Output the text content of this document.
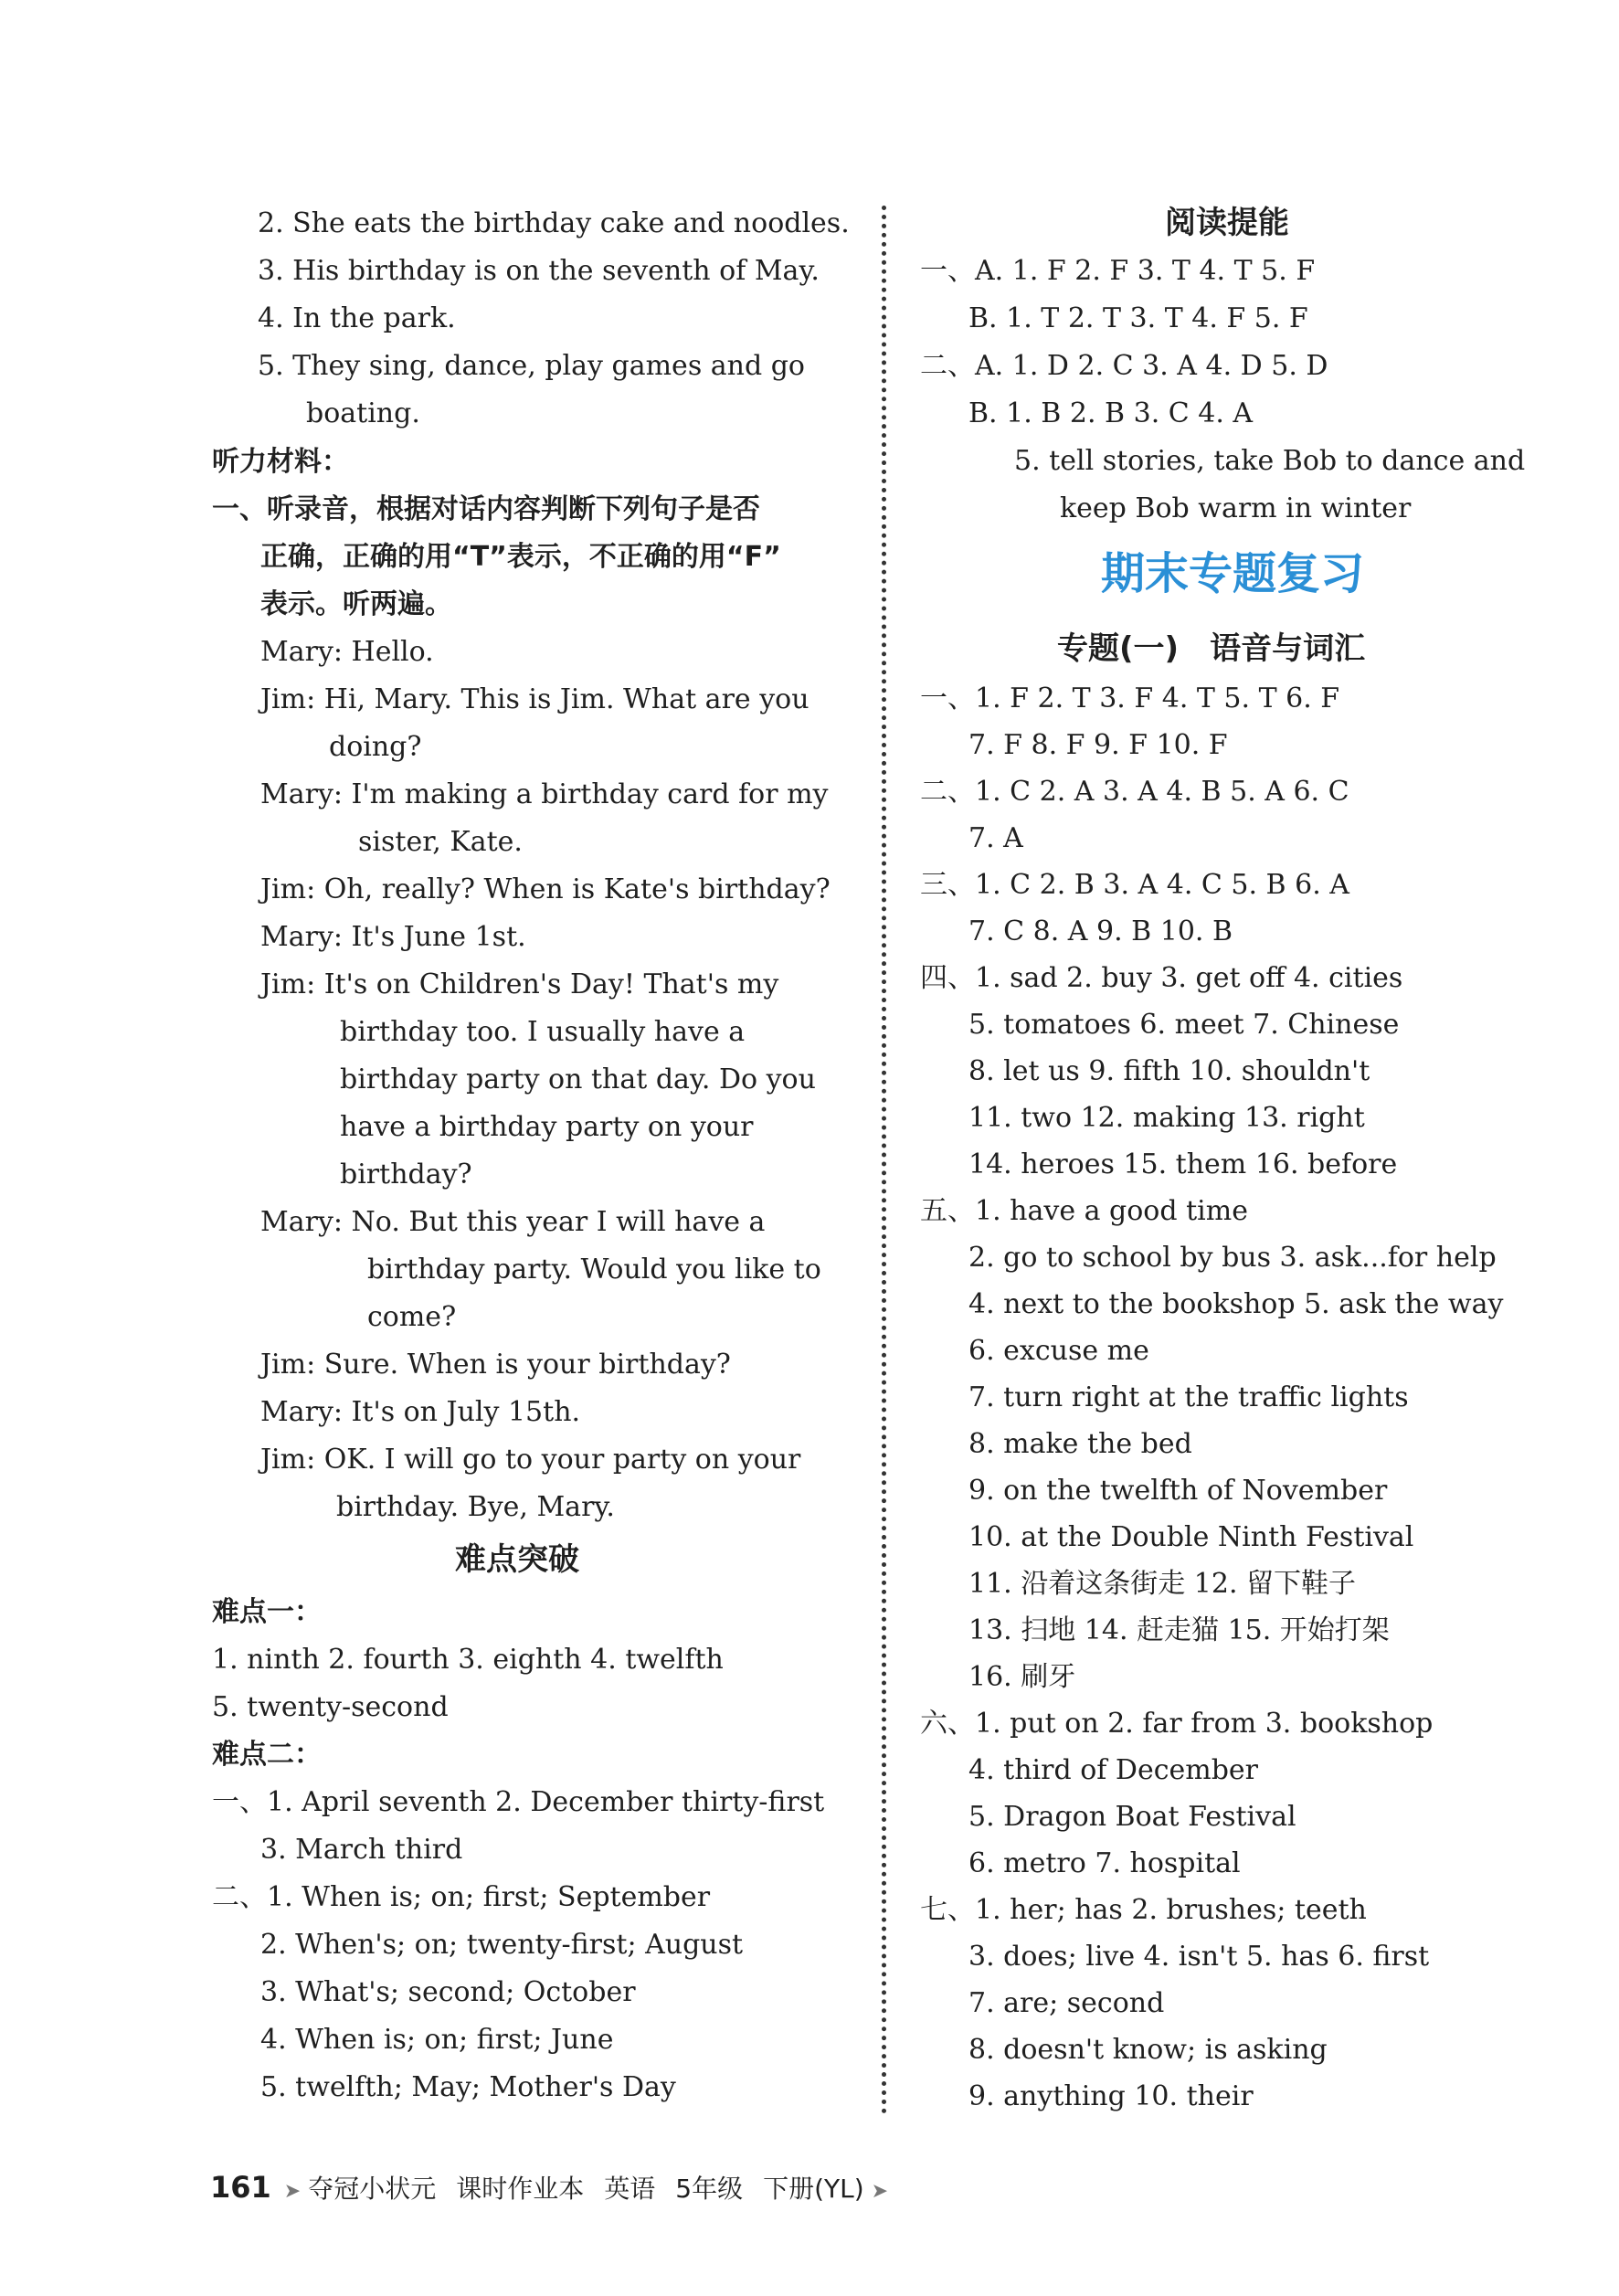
2. She eats the birthday cake and noodles.
3. His birthday is on the seventh of May.
4. In the park.
5. They sing, dance, play games and go
boating.
听力材料：
一、听录音，根据对话内容判断下列句子是否
正确，正确的用“T”表示，不正确的用“F”
表示。听两遍。
Mary: Hello.
Jim: Hi, Mary. This is Jim. What are you
doing?
Mary: I'm making a birthday card for my
sister, Kate.
Jim: Oh, really? When is Kate's birthday?
Mary: It's June 1st.
Jim: It's on Children's Day! That's my
birthday too. I usually have a
birthday party on that day. Do you
have a birthday party on your
birthday?
Mary: No. But this year I will have a
birthday party. Would you like to
come?
Jim: Sure. When is your birthday?
Mary: It's on July 15th.
Jim: OK. I will go to your party on your
birthday. Bye, Mary.
难点突破
难点一：
1. ninth 2. fourth 3. eighth 4. twelfth
5. twenty-second
难点二：
一、1. April seventh 2. December thirty-first
3. March third
二、1. When is; on; first; September
2. When's; on; twenty-first; August
3. What's; second; October
4. When is; on; first; June
5. twelfth; May; Mother's Day
阅读提能
一、A. 1. F 2. F 3. T 4. T 5. F
B. 1. T 2. T 3. T 4. F 5. F
二、A. 1. D 2. C 3. A 4. D 5. D
B. 1. B 2. B 3. C 4. A
5. tell stories, take Bob to dance and
keep Bob warm in winter
期末专题复习
专题(一)　语音与词汇
一、1. F 2. T 3. F 4. T 5. T 6. F
7. F 8. F 9. F 10. F
二、1. C 2. A 3. A 4. B 5. A 6. C
7. A
三、1. C 2. B 3. A 4. C 5. B 6. A
7. C 8. A 9. B 10. B
四、1. sad 2. buy 3. get off 4. cities
5. tomatoes 6. meet 7. Chinese
8. let us 9. fifth 10. shouldn't
11. two 12. making 13. right
14. heroes 15. them 16. before
五、1. have a good time
2. go to school by bus 3. ask...for help
4. next to the bookshop 5. ask the way
6. excuse me
7. turn right at the traffic lights
8. make the bed
9. on the twelfth of November
10. at the Double Ninth Festival
11. 沿着这条街走 12. 留下鞋子
13. 扫地 14. 赶走猫 15. 开始打架
16. 刷牙
六、1. put on 2. far from 3. bookshop
4. third of December
5. Dragon Boat Festival
6. metro 7. hospital
七、1. her; has 2. brushes; teeth
3. does; live 4. isn't 5. has 6. first
7. are; second
8. doesn't know; is asking
9. anything 10. their
161 ➤ 夺冠小状元 课时作业本 英语 5年级 下册(YL) ➤
